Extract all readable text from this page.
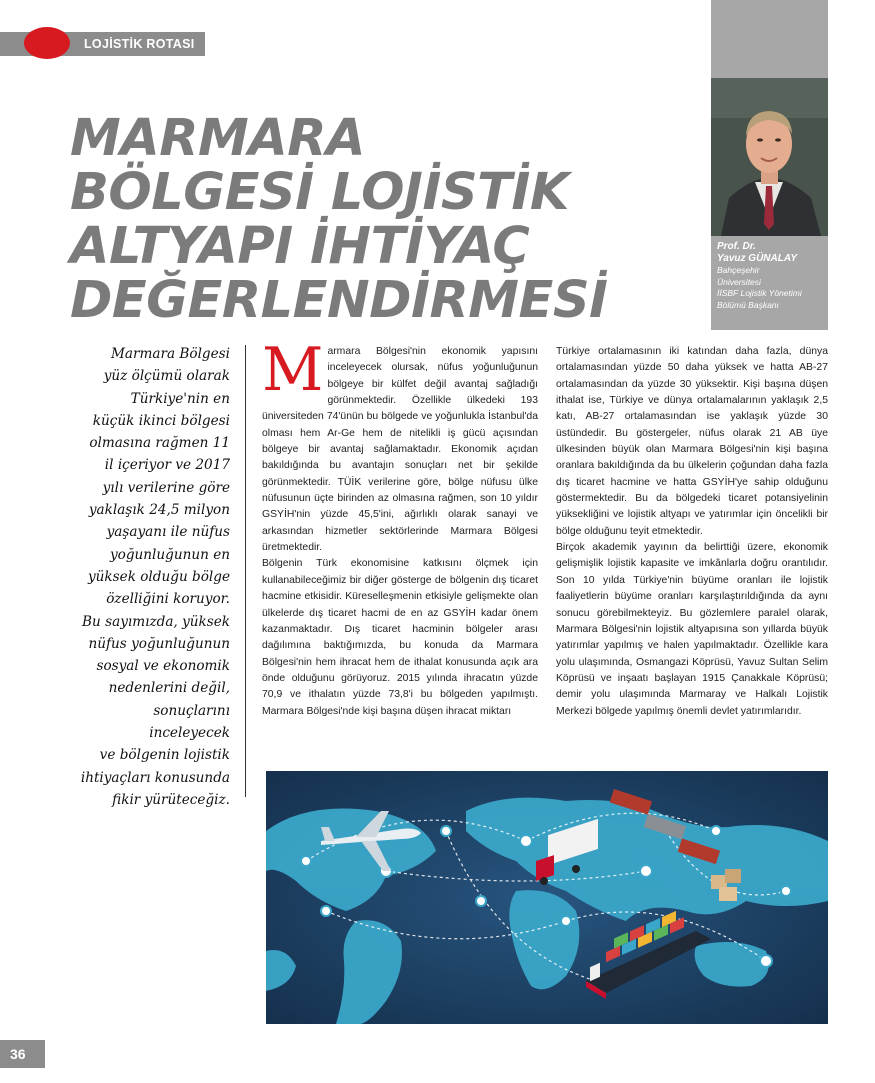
LOJİSTİK ROTASI
MARMARA
BÖLGESİ LOJİSTİK
ALTYAPI İHTİYAÇ
DEĞERLENDİRMESİ
Prof. Dr.
Yavuz GÜNALAY
Bahçeşehir
Üniversitesi
İİSBF Lojistik Yönetimi
Bölümü Başkanı
Marmara Bölgesi
yüz ölçümü olarak
Türkiye'nin en
küçük ikinci bölgesi
olmasına rağmen 11
il içeriyor ve 2017
yılı verilerine göre
yaklaşık 24,5 milyon
yaşayanı ile nüfus
yoğunluğunun en
yüksek olduğu bölge
özelliğini koruyor.
Bu sayımızda, yüksek
nüfus yoğunluğunun
sosyal ve ekonomik
nedenlerini değil,
sonuçlarını inceleyecek
ve bölgenin lojistik
ihtiyaçları konusunda
fikir yürüteceğiz.
M armara Bölgesi'nin ekonomik yapısını inceleyecek olursak, nüfus yoğunluğunun bölgeye bir külfet değil avantaj sağladığı görünmektedir. Özellikle ülkedeki 193 üniversiteden 74'ünün bu bölgede ve yoğunlukla İstanbul'da olması hem Ar-Ge hem de nitelikli iş gücü açısından bölgeye bir avantaj sağlamaktadır. Ekonomik açıdan bakıldığında bu avantajın sonuçları net bir şekilde görünmektedir. TÜİK verilerine göre, bölge nüfusu ülke nüfusunun üçte birinden az olmasına rağmen, son 10 yıldır GSYİH'nin yüzde 45,5'ini, ağırlıklı olarak sanayi ve arkasından hizmetler sektörlerinde Marmara Bölgesi üretmektedir.

Bölgenin Türk ekonomisine katkısını ölçmek için kullanabileceğimiz bir diğer gösterge de bölgenin dış ticaret hacmine etkisidir. Küreselleşmenin etkisiyle gelişmekte olan ülkelerde dış ticaret hacmi de en az GSYİH kadar önem kazanmaktadır. Dış ticaret hacminin bölgeler arası dağılımına baktığımızda, bu konuda da Marmara Bölgesi'nin hem ihracat hem de ithalat konusunda açık ara önde olduğunu görüyoruz. 2015 yılında ihracatın yüzde 70,9 ve ithalatın yüzde 73,8'i bu bölgeden yapılmıştı. Marmara Bölgesi'nde kişi başına düşen ihracat miktarı

Türkiye ortalamasının iki katından daha fazla, dünya ortalamasından yüzde 50 daha yüksek ve hatta AB-27 ortalamasından da yüzde 30 yüksektir. Kişi başına düşen ithalat ise, Türkiye ve dünya ortalamalarının yaklaşık 2,5 katı, AB-27 ortalamasından ise yaklaşık yüzde 30 üstündedir. Bu göstergeler, nüfus olarak 21 AB üye ülkesinden büyük olan Marmara Bölgesi'nin kişi başına oranlara bakıldığında da bu ülkelerin çoğundan daha fazla dış ticaret hacmine ve hatta GSYİH'ye sahip olduğunu göstermektedir. Bu da bölgedeki ticaret potansiyelinin yüksekliğini ve lojistik altyapı ve yatırımlar için öncelikli bir bölge olduğunu teyit etmektedir.

Birçok akademik yayının da belirttiği üzere, ekonomik gelişmişlik lojistik kapasite ve imkânlarla doğru orantılıdır. Son 10 yılda Türkiye'nin büyüme oranları ile lojistik faaliyetlerin büyüme oranları karşılaştırıldığında da aynı sonucu görebilmekteyiz. Bu gözlemlere paralel olarak, Marmara Bölgesi'nin lojistik altyapısına son yıllarda büyük yatırımlar yapılmış ve halen yapılmaktadır. Özellikle kara yolu ulaşımında, Osmangazi Köprüsü, Yavuz Sultan Selim Köprüsü ve inşaatı başlayan 1915 Çanakkale Köprüsü; demir yolu ulaşımında Marmaray ve Halkalı Lojistik Merkezi bölgede yapılmış önemli devlet yatırımlarıdır.

36
